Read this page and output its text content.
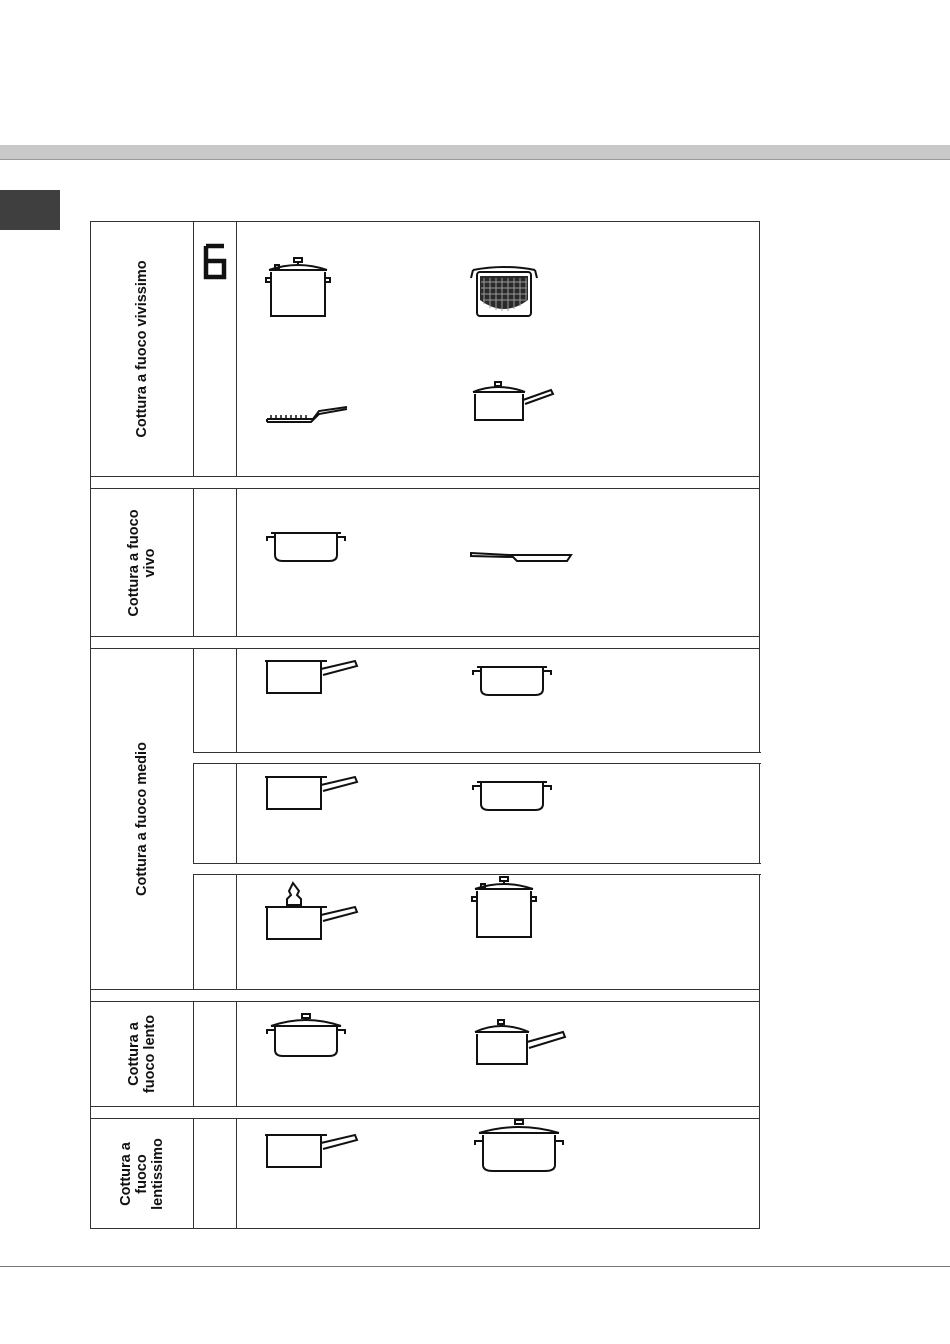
Cottura a fuoco vivissimo
Cottura a fuoco
vivo
Cottura a fuoco medio
Cottura a
fuoco lento
Cottura a
fuoco
lentissimo
